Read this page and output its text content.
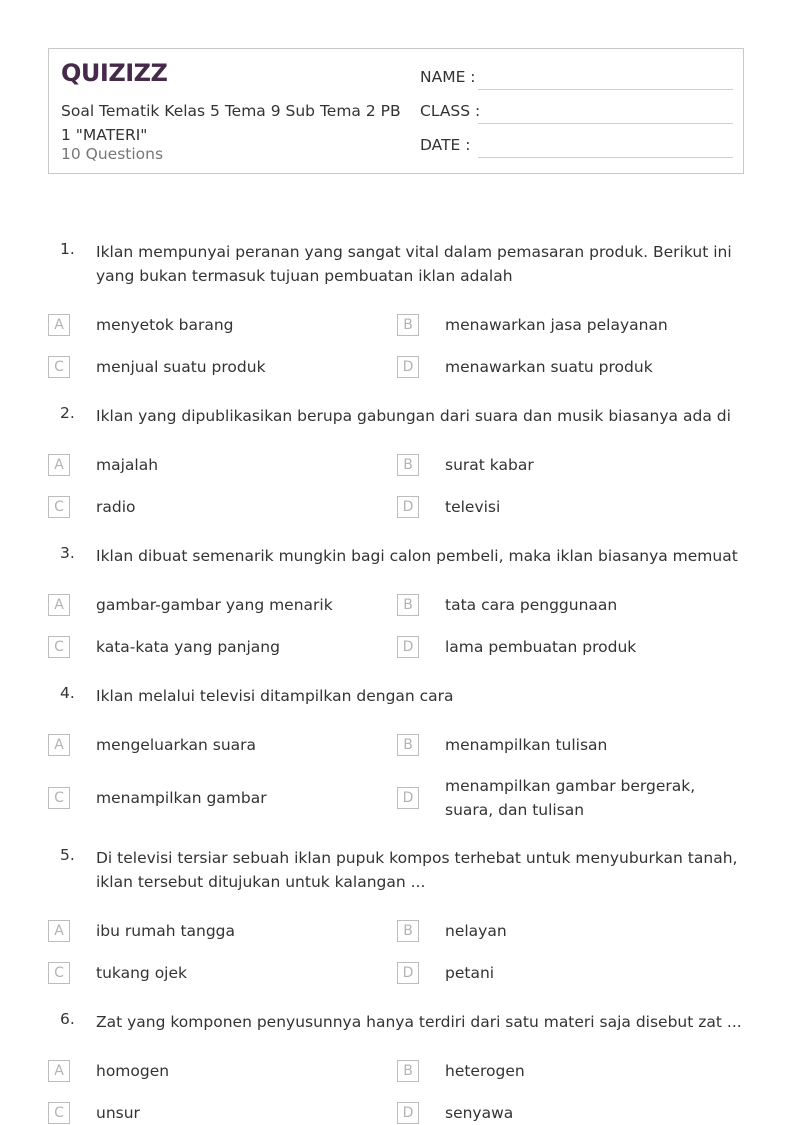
QUIZIZZ
Soal Tematik Kelas 5 Tema 9 Sub Tema 2 PB 1 "MATERI"
10 Questions
NAME :
CLASS :
DATE :
1. Iklan mempunyai peranan yang sangat vital dalam pemasaran produk. Berikut ini yang bukan termasuk tujuan pembuatan iklan adalah
A	menyetok barang	B	menawarkan jasa pelayanan
C	menjual suatu produk	D	menawarkan suatu produk
2. Iklan yang dipublikasikan berupa gabungan dari suara dan musik biasanya ada di
A	majalah	B	surat kabar
C	radio	D	televisi
3. Iklan dibuat semenarik mungkin bagi calon pembeli, maka iklan biasanya memuat
A	gambar-gambar yang menarik	B	tata cara penggunaan
C	kata-kata yang panjang	D	lama pembuatan produk
4. Iklan melalui televisi ditampilkan dengan cara
A	mengeluarkan suara	B	menampilkan tulisan
C	menampilkan gambar	D
menampilkan gambar bergerak, suara, dan tulisan
5. Di televisi tersiar sebuah iklan pupuk kompos terhebat untuk menyuburkan tanah, iklan tersebut ditujukan untuk kalangan ...
A	ibu rumah tangga	B	nelayan
C	tukang ojek	D	petani
6. Zat yang komponen penyusunnya hanya terdiri dari satu materi saja disebut zat ...
A	homogen	B	heterogen
C	unsur	D	senyawa
